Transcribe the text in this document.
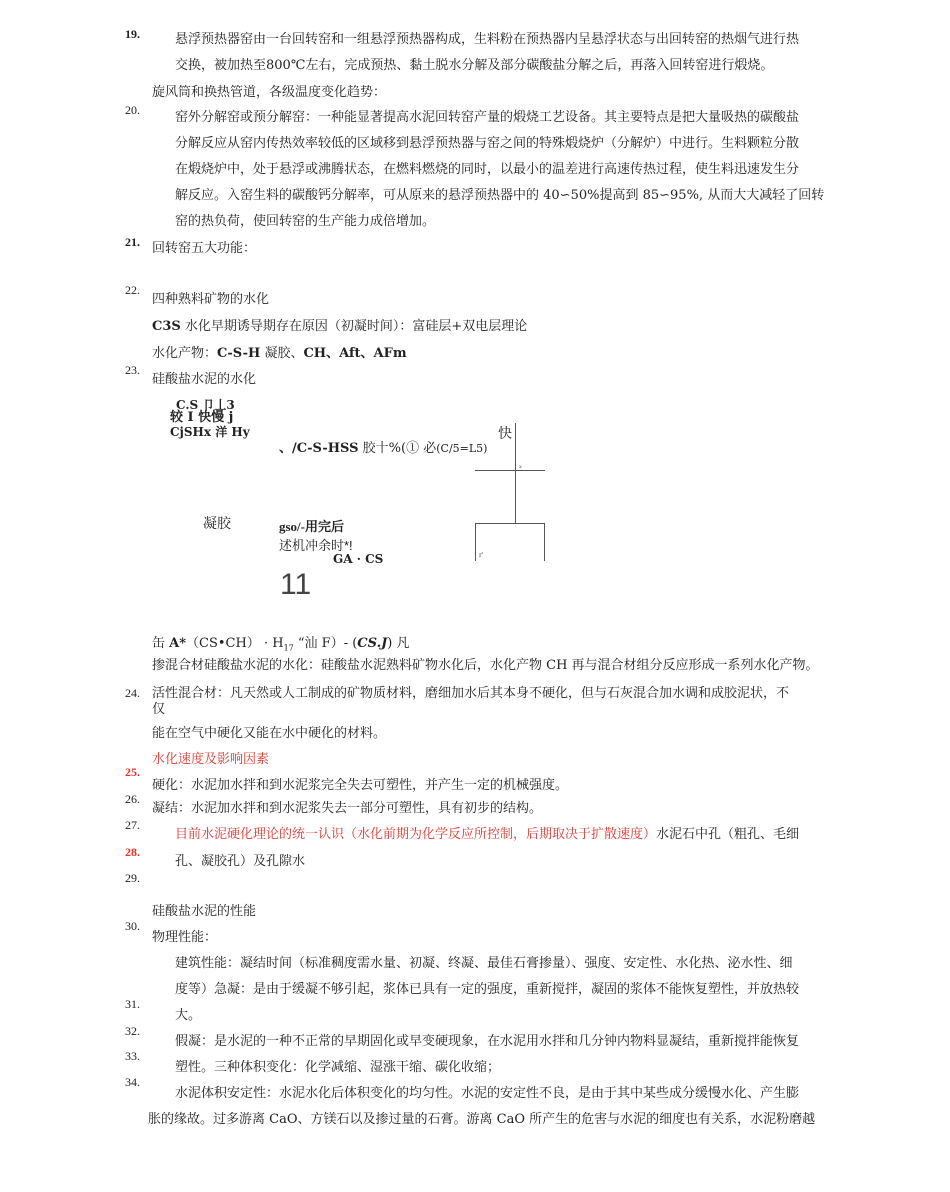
19.	悬浮预热器窑由一台回转窑和一组悬浮预热器构成，生料粉在预热器内呈悬浮状态与出回转窑的热烟气进行热
交换，被加热至800℃左右，完成预热、黏土脱水分解及部分碳酸盐分解之后，再落入回转窑进行煅烧。
旋风筒和换热管道，各级温度变化趋势：
20.	窑外分解窑或预分解窑：一种能显著提高水泥回转窑产量的煅烧工艺设备。其主要特点是把大量吸热的碳酸盐
分解反应从窑内传热效率较低的区域移到悬浮预热器与窑之间的特殊煅烧炉（分解炉）中进行。生料颗粒分散
在煅烧炉中，处于悬浮或沸腾状态，在燃料燃烧的同时，以最小的温差进行高速传热过程，使生料迅速发生分
解反应。入窑生料的碳酸钙分解率，可从原来的悬浮预热器中的 40∽50%提高到 85∽95%, 从而大大减轻了回转
窑的热负荷，使回转窑的生产能力成倍增加。
21. 回转窑五大功能：
22.
四种熟料矿物的水化
C3S 水化早期诱导期存在原因（初凝时间）：富硅层+双电层理论
水化产物：C-S-H 凝胶、CH、Aft、AFm
23.
硅酸盐水泥的水化
C.S 卩丄3
较 I 快慢 j
CjSHx 洋 Hy	快
、/C-S-HSS 胶十%(① 必(C/5=L5)
x
r'
凝胶	gso/-用完后
述机冲余时*!
GA · CS
11
缶 A*（CS•CH） · $H_{17}$ “汕 F）- (CS.J) 凡
掺混合材硅酸盐水泥的水化：硅酸盐水泥熟料矿物水化后，水化产物 CH 再与混合材组分反应形成一系列水化产物。
24. 活性混合材：凡天然或人工制成的矿物质材料，磨细加水后其本身不硬化，但与石灰混合加水调和成胶泥状，不
仅
能在空气中硬化又能在水中硬化的材料。
水化速度及影响因素
25.
硬化：水泥加水拌和到水泥浆完全失去可塑性，并产生一定的机械强度。
26.
凝结：水泥加水拌和到水泥浆失去一部分可塑性，具有初步的结构。
27.
目前水泥硬化理论的统一认识（水化前期为化学反应所控制，后期取决于扩散速度）水泥石中孔（粗孔、毛细
28.
孔、凝胶孔）及孔隙水
29.
硅酸盐水泥的性能
30.
物理性能：
建筑性能：凝结时间（标准稠度需水量、初凝、终凝、最佳石膏掺量）、强度、安定性、水化热、泌水性、细
度等）急凝：是由于缓凝不够引起，浆体已具有一定的强度，重新搅拌，凝固的浆体不能恢复塑性，并放热较
31.
大。
32.
假凝：是水泥的一种不正常的早期固化或早变硬现象，在水泥用水拌和几分钟内物料显凝结，重新搅拌能恢复
33.
塑性。三种体积变化：化学减缩、湿涨干缩、碳化收缩；
34.
水泥体积安定性：水泥水化后体积变化的均匀性。水泥的安定性不良，是由于其中某些成分缓慢水化、产生膨
胀的缘故。过多游离 CaO、方镁石以及掺过量的石膏。游离 CaO 所产生的危害与水泥的细度也有关系，水泥粉磨越
